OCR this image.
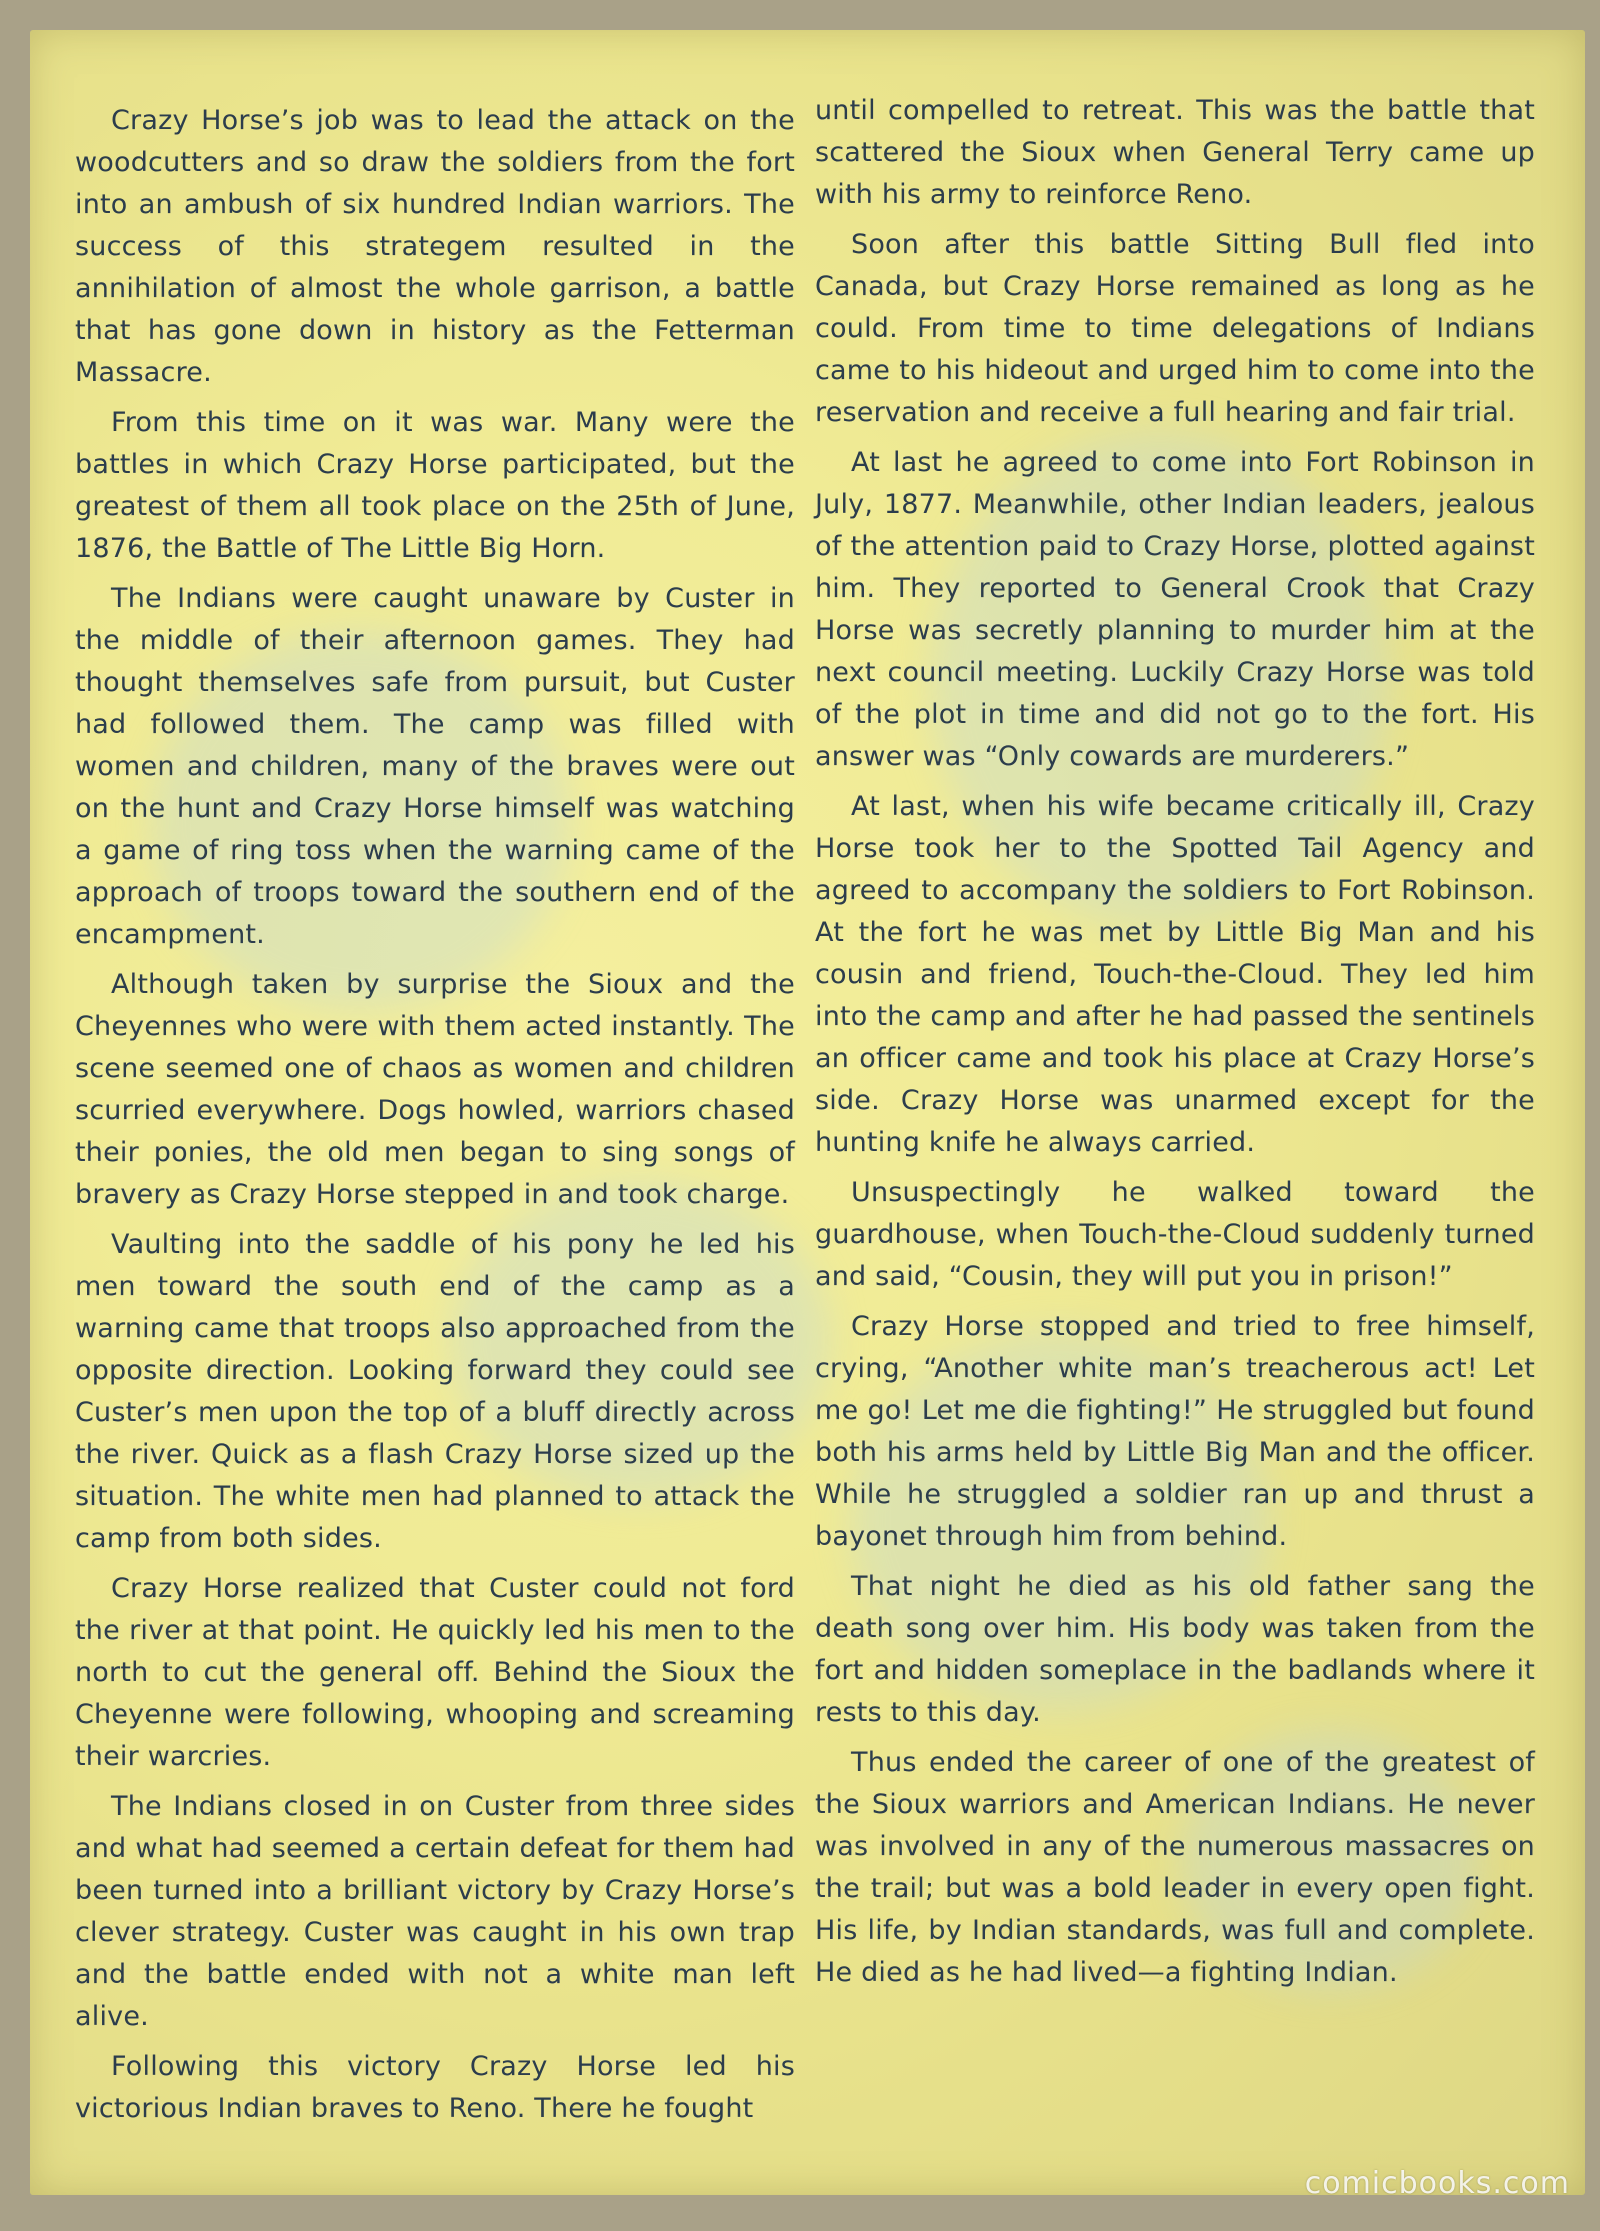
Crazy Horse’s job was to lead the attack on the woodcutters and so draw the soldiers from the fort into an ambush of six hundred Indian warriors. The success of this strategem resulted in the annihilation of almost the whole garrison, a battle that has gone down in history as the Fetterman Massacre.

From this time on it was war. Many were the battles in which Crazy Horse participated, but the greatest of them all took place on the 25th of June, 1876, the Battle of The Little Big Horn.

The Indians were caught unaware by Custer in the middle of their afternoon games. They had thought themselves safe from pursuit, but Custer had followed them. The camp was filled with women and children, many of the braves were out on the hunt and Crazy Horse himself was watching a game of ring toss when the warning came of the approach of troops toward the southern end of the encampment.

Although taken by surprise the Sioux and the Cheyennes who were with them acted instantly. The scene seemed one of chaos as women and children scurried everywhere. Dogs howled, warriors chased their ponies, the old men began to sing songs of bravery as Crazy Horse stepped in and took charge.

Vaulting into the saddle of his pony he led his men toward the south end of the camp as a warning came that troops also approached from the opposite direction. Looking forward they could see Custer’s men upon the top of a bluff directly across the river. Quick as a flash Crazy Horse sized up the situation. The white men had planned to attack the camp from both sides.

Crazy Horse realized that Custer could not ford the river at that point. He quickly led his men to the north to cut the general off. Behind the Sioux the Cheyenne were following, whooping and screaming their warcries.

The Indians closed in on Custer from three sides and what had seemed a certain defeat for them had been turned into a brilliant victory by Crazy Horse’s clever strategy. Custer was caught in his own trap and the battle ended with not a white man left alive.

Following this victory Crazy Horse led his victorious Indian braves to Reno. There he fought

until compelled to retreat. This was the battle that scattered the Sioux when General Terry came up with his army to reinforce Reno.

Soon after this battle Sitting Bull fled into Canada, but Crazy Horse remained as long as he could. From time to time delegations of Indians came to his hideout and urged him to come into the reservation and receive a full hearing and fair trial.

At last he agreed to come into Fort Robinson in July, 1877. Meanwhile, other Indian leaders, jealous of the attention paid to Crazy Horse, plotted against him. They reported to General Crook that Crazy Horse was secretly planning to murder him at the next council meeting. Luckily Crazy Horse was told of the plot in time and did not go to the fort. His answer was “Only cowards are murderers.”

At last, when his wife became critically ill, Crazy Horse took her to the Spotted Tail Agency and agreed to accompany the soldiers to Fort Robinson. At the fort he was met by Little Big Man and his cousin and friend, Touch-the-Cloud. They led him into the camp and after he had passed the sentinels an officer came and took his place at Crazy Horse’s side. Crazy Horse was unarmed except for the hunting knife he always carried.

Unsuspectingly he walked toward the guardhouse, when Touch-the-Cloud suddenly turned and said, “Cousin, they will put you in prison!”

Crazy Horse stopped and tried to free himself, crying, “Another white man’s treacherous act! Let me go! Let me die fighting!” He struggled but found both his arms held by Little Big Man and the officer. While he struggled a soldier ran up and thrust a bayonet through him from behind.

That night he died as his old father sang the death song over him. His body was taken from the fort and hidden someplace in the badlands where it rests to this day.

Thus ended the career of one of the greatest of the Sioux warriors and American Indians. He never was involved in any of the numerous massacres on the trail; but was a bold leader in every open fight. His life, by Indian standards, was full and complete. He died as he had lived—a fighting Indian.

comicbooks.com
